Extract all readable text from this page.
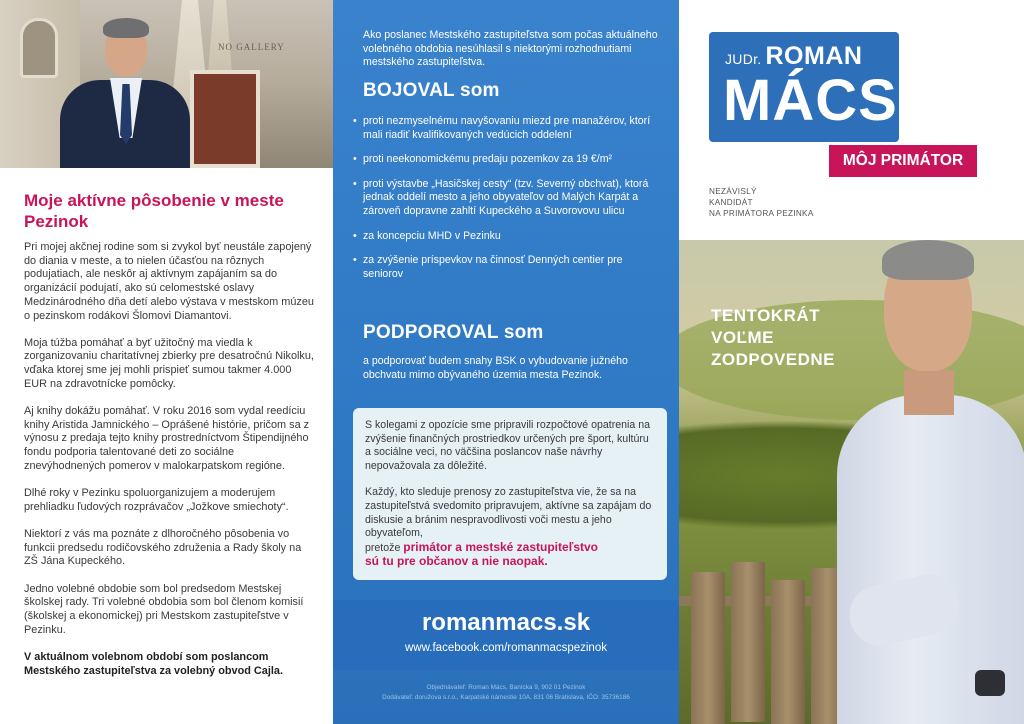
NO GALLERY
Moje aktívne pôsobenie v meste Pezinok

Pri mojej akčnej rodine som si zvykol byť neustále zapojený do diania v meste, a to nielen účasťou na rôznych podujatiach, ale neskôr aj aktívnym zapájaním sa do organizácií podujatí, ako sú celomestské oslavy Medzinárodného dňa detí alebo výstava v mestskom múzeu o pezinskom rodákovi Šlomovi Diamantovi.

Moja túžba pomáhať a byť užitočný ma viedla k zorganizovaniu charitatívnej zbierky pre desatročnú Nikolku, vďaka ktorej sme jej mohli prispieť sumou takmer 4.000 EUR na zdravotnícke pomôcky.

Aj knihy dokážu pomáhať. V roku 2016 som vydal reedíciu knihy Aristida Jamnického – Oprášené histórie, pričom sa z výnosu z predaja tejto knihy prostredníctvom Štipendijného fondu podporia talentované deti zo sociálne znevýhodnených pomerov v malokarpatskom regióne.

Dlhé roky v Pezinku spoluorganizujem a moderujem prehliadku ľudových rozprávačov „Jožkove smiechoty“.

Niektorí z vás ma poznáte z dlhoročného pôsobenia vo funkcii predsedu rodičovského združenia a Rady školy na ZŠ Jána Kupeckého.

Jedno volebné obdobie som bol predsedom Mestskej školskej rady. Tri volebné obdobia som bol členom komisií (školskej a ekonomickej) pri Mestskom zastupiteľstve v Pezinku.

V aktuálnom volebnom období som poslancom Mestského zastupiteľstva za volebný obvod Cajla.

Ako poslanec Mestského zastupiteľstva som počas aktuálneho volebného obdobia nesúhlasil s niektorými rozhodnutiami mestského zastupiteľstva.

BOJOVAL som
• proti nezmyselnému navyšovaniu miezd pre manažérov, ktorí mali riadiť kvalifikovaných vedúcich oddelení
• proti neekonomickému predaju pozemkov za 19 €/m²
• proti výstavbe „Hasičskej cesty“ (tzv. Severný obchvat), ktorá jednak oddelí mesto a jeho obyvateľov od Malých Karpát a zároveň dopravne zahltí Kupeckého a Suvorovovu ulicu
• za koncepciu MHD v Pezinku
• za zvýšenie príspevkov na činnosť Denných centier pre seniorov
PODPOROVAL som

a podporovať budem snahy BSK o vybudovanie južného obchvatu mimo obývaného územia mesta Pezinok.

S kolegami z opozície sme pripravili rozpočtové opatrenia na zvýšenie finančných prostriedkov určených pre šport, kultúru a sociálne veci, no väčšina poslancov naše návrhy nepovažovala za dôležité.

Každý, kto sleduje prenosy zo zastupiteľstva vie, že sa na zastupiteľstvá svedomito pripravujem, aktívne sa zapájam do diskusie a bránim nespravodlivosti voči mestu a jeho obyvateľom,
pretože primátor a mestské zastupiteľstvo
sú tu pre občanov a nie naopak.

romanmacs.sk
www.facebook.com/romanmacspezinok
Objednávateľ: Roman Mács, Banícka 9, 902 01 Pezinok
Dodávateľ: doružova s.r.o., Karpatské námestie 10A, 831 06 Bratislava, IČO: 35736186
JUDr. ROMAN
MÁCS
MÔJ PRIMÁTOR
NEZÁVISLÝ
KANDIDÁT
NA PRIMÁTORA PEZINKA
TENTOKRÁT
VOĽME
ZODPOVEDNE
